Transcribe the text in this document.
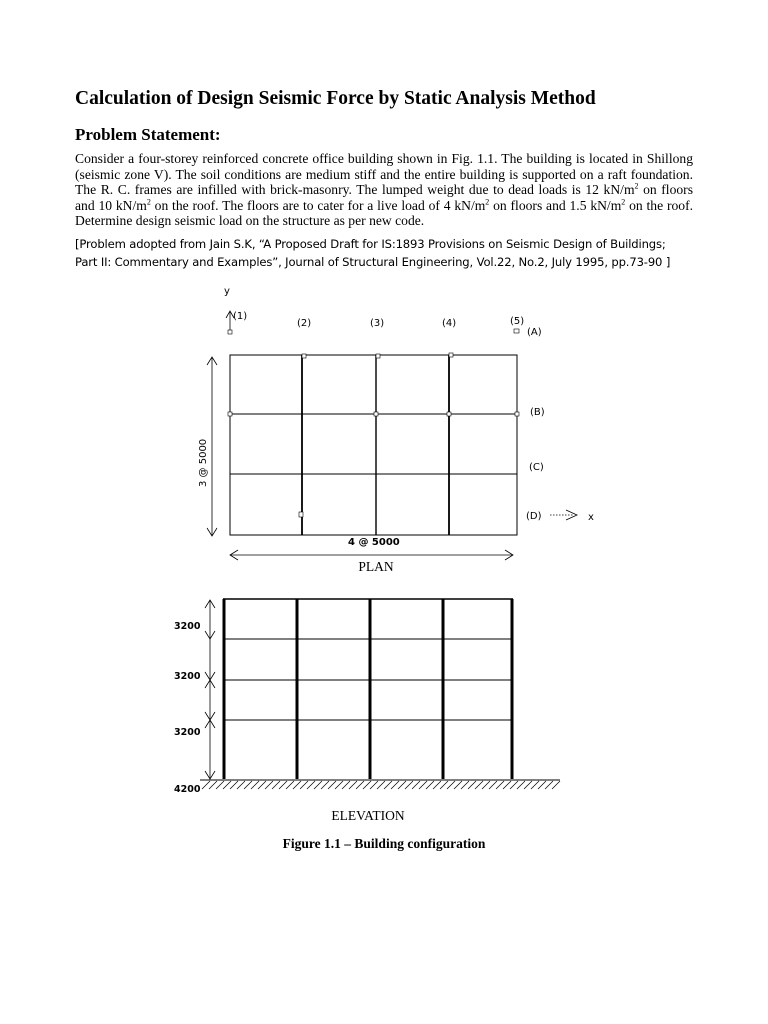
Calculation of Design Seismic Force by Static Analysis Method
Problem Statement:
Consider a four-storey reinforced concrete office building shown in Fig. 1.1. The building is located in Shillong (seismic zone V). The soil conditions are medium stiff and the entire building is supported on a raft foundation. The R. C. frames are infilled with brick-masonry. The lumped weight due to dead loads is 12 $kN/m^2$ on floors and 10 $kN/m^2$ on the roof. The floors are to cater for a live load of 4 $kN/m^2$ on floors and 1.5 $kN/m^2$ on the roof. Determine design seismic load on the structure as per new code.
[Problem adopted from Jain S.K, “A Proposed Draft for IS:1893 Provisions on Seismic Design of Buildings;
Part II: Commentary and Examples”, Journal of Structural Engineering, Vol.22, No.2, July 1995, pp.73-90 ]
y
(1)
(2)	(3)	(4)	(5)
(A)
(B)
(C)
(D)	x
3 @ 5000
4 @ 5000
PLAN
3200
3200
3200
4200
ELEVATION
Figure 1.1 – Building configuration
